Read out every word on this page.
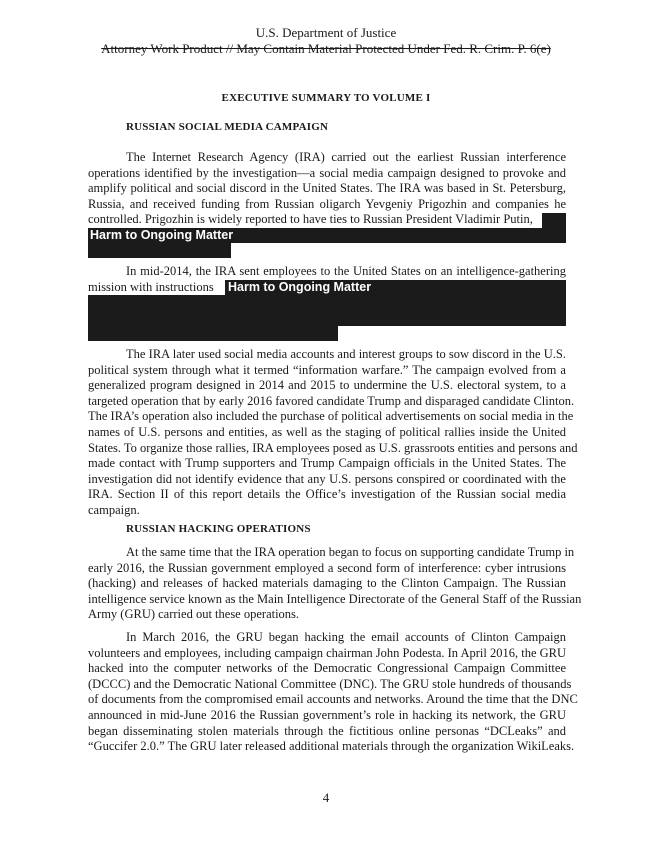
U.S. Department of Justice
Attorney Work Product // May Contain Material Protected Under Fed. R. Crim. P. 6(e)
EXECUTIVE SUMMARY TO VOLUME I
RUSSIAN SOCIAL MEDIA CAMPAIGN
RUSSIAN HACKING OPERATIONS
The Internet Research Agency (IRA) carried out the earliest Russian interference
operations identified by the investigation—a social media campaign designed to provoke and
amplify political and social discord in the United States. The IRA was based in St. Petersburg,
Russia, and received funding from Russian oligarch Yevgeniy Prigozhin and companies he
controlled. Prigozhin is widely reported to have ties to Russian President Vladimir Putin,
In mid-2014, the IRA sent employees to the United States on an intelligence-gathering
mission with instructions
The IRA later used social media accounts and interest groups to sow discord in the U.S.
political system through what it termed “information warfare.” The campaign evolved from a
generalized program designed in 2014 and 2015 to undermine the U.S. electoral system, to a
targeted operation that by early 2016 favored candidate Trump and disparaged candidate Clinton.
The IRA’s operation also included the purchase of political advertisements on social media in the
names of U.S. persons and entities, as well as the staging of political rallies inside the United
States. To organize those rallies, IRA employees posed as U.S. grassroots entities and persons and
made contact with Trump supporters and Trump Campaign officials in the United States. The
investigation did not identify evidence that any U.S. persons conspired or coordinated with the
IRA. Section II of this report details the Office’s investigation of the Russian social media
campaign.
At the same time that the IRA operation began to focus on supporting candidate Trump in
early 2016, the Russian government employed a second form of interference: cyber intrusions
(hacking) and releases of hacked materials damaging to the Clinton Campaign. The Russian
intelligence service known as the Main Intelligence Directorate of the General Staff of the Russian
Army (GRU) carried out these operations.
In March 2016, the GRU began hacking the email accounts of Clinton Campaign
volunteers and employees, including campaign chairman John Podesta. In April 2016, the GRU
hacked into the computer networks of the Democratic Congressional Campaign Committee
(DCCC) and the Democratic National Committee (DNC). The GRU stole hundreds of thousands
of documents from the compromised email accounts and networks. Around the time that the DNC
announced in mid-June 2016 the Russian government’s role in hacking its network, the GRU
began disseminating stolen materials through the fictitious online personas “DCLeaks” and
“Guccifer 2.0.” The GRU later released additional materials through the organization WikiLeaks.
Harm to Ongoing Matter
Harm to Ongoing Matter
4
